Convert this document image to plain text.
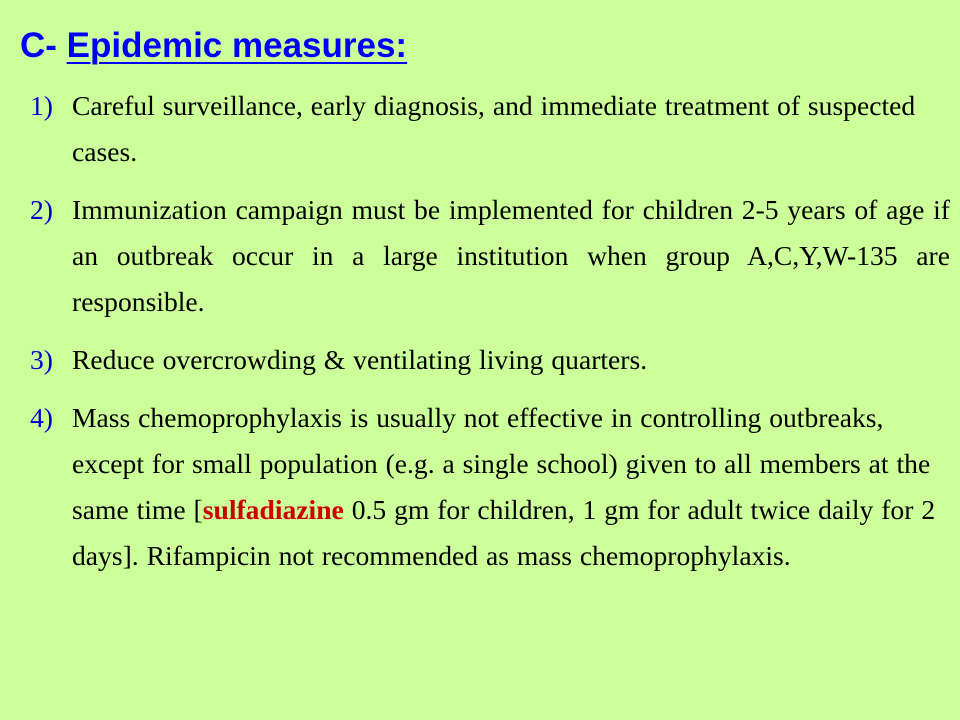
C- Epidemic measures:
1) Careful surveillance, early diagnosis, and immediate treatment of suspected cases.
2) Immunization campaign must be implemented for children 2-5 years of age if an outbreak occur in a large institution when group A,C,Y,W-135 are responsible.
3) Reduce overcrowding & ventilating living quarters.
4) Mass chemoprophylaxis is usually not effective in controlling outbreaks, except for small population (e.g. a single school) given to all members at the same time [sulfadiazine 0.5 gm for children, 1 gm for adult twice daily for 2 days]. Rifampicin not recommended as mass chemoprophylaxis.
